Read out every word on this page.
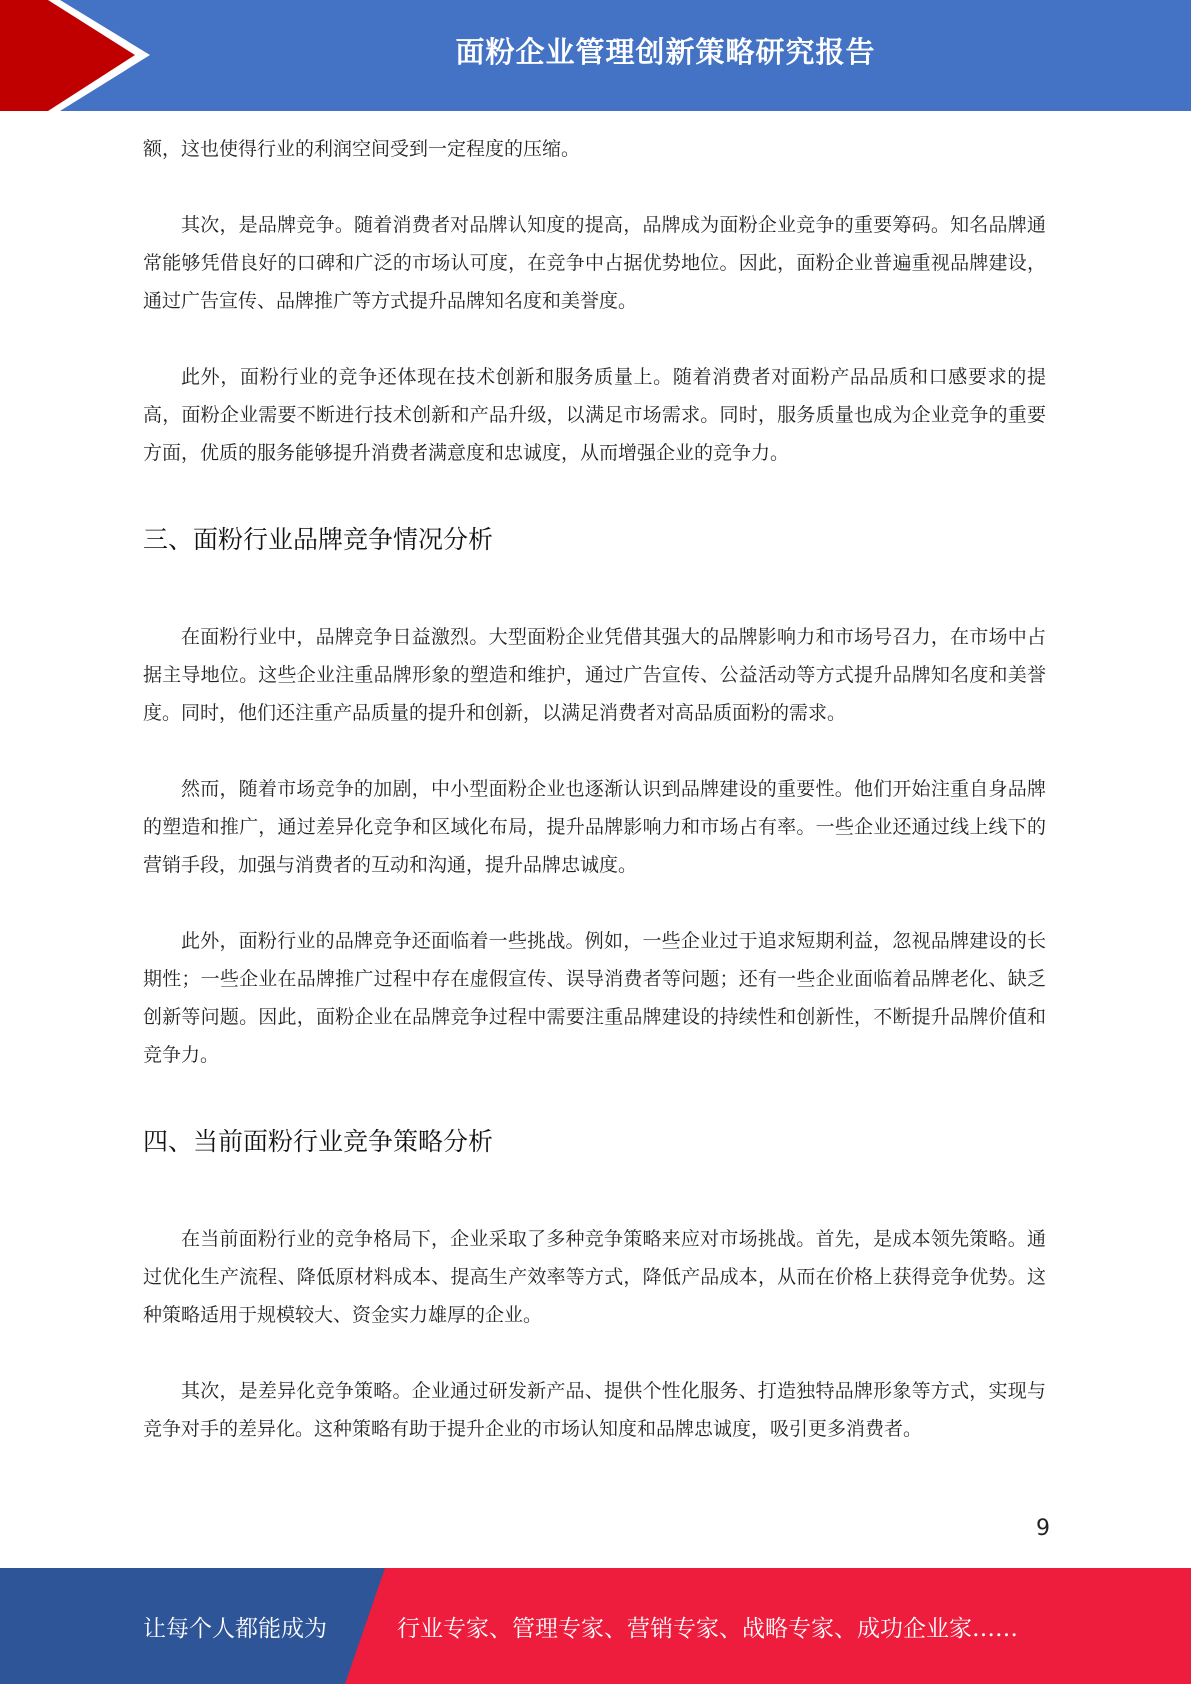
面粉企业管理创新策略研究报告

额，这也使得行业的利润空间受到一定程度的压缩。

其次，是品牌竞争。随着消费者对品牌认知度的提高，品牌成为面粉企业竞争的重要筹码。知名品牌通常能够凭借良好的口碑和广泛的市场认可度，在竞争中占据优势地位。因此，面粉企业普遍重视品牌建设，通过广告宣传、品牌推广等方式提升品牌知名度和美誉度。

此外，面粉行业的竞争还体现在技术创新和服务质量上。随着消费者对面粉产品品质和口感要求的提高，面粉企业需要不断进行技术创新和产品升级，以满足市场需求。同时，服务质量也成为企业竞争的重要方面，优质的服务能够提升消费者满意度和忠诚度，从而增强企业的竞争力。

三、面粉行业品牌竞争情况分析

在面粉行业中，品牌竞争日益激烈。大型面粉企业凭借其强大的品牌影响力和市场号召力，在市场中占据主导地位。这些企业注重品牌形象的塑造和维护，通过广告宣传、公益活动等方式提升品牌知名度和美誉度。同时，他们还注重产品质量的提升和创新，以满足消费者对高品质面粉的需求。

然而，随着市场竞争的加剧，中小型面粉企业也逐渐认识到品牌建设的重要性。他们开始注重自身品牌的塑造和推广，通过差异化竞争和区域化布局，提升品牌影响力和市场占有率。一些企业还通过线上线下的营销手段，加强与消费者的互动和沟通，提升品牌忠诚度。

此外，面粉行业的品牌竞争还面临着一些挑战。例如，一些企业过于追求短期利益，忽视品牌建设的长期性；一些企业在品牌推广过程中存在虚假宣传、误导消费者等问题；还有一些企业面临着品牌老化、缺乏创新等问题。因此，面粉企业在品牌竞争过程中需要注重品牌建设的持续性和创新性，不断提升品牌价值和竞争力。

四、当前面粉行业竞争策略分析

在当前面粉行业的竞争格局下，企业采取了多种竞争策略来应对市场挑战。首先，是成本领先策略。通过优化生产流程、降低原材料成本、提高生产效率等方式，降低产品成本，从而在价格上获得竞争优势。这种策略适用于规模较大、资金实力雄厚的企业。

其次，是差异化竞争策略。企业通过研发新产品、提供个性化服务、打造独特品牌形象等方式，实现与竞争对手的差异化。这种策略有助于提升企业的市场认知度和品牌忠诚度，吸引更多消费者。

9
让每个人都能成为	行业专家、管理专家、营销专家、战略专家、成功企业家……
